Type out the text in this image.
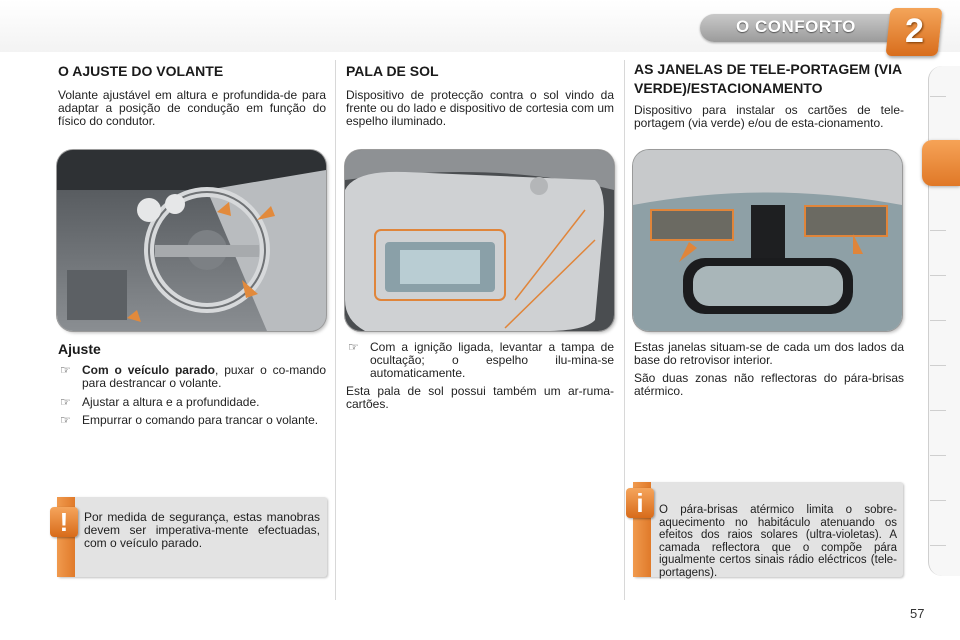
O CONFORTO 2
O AJUSTE DO VOLANTE
Volante ajustável em altura e profundida-de para adaptar a posição de condução em função do físico do condutor.
Ajuste
☞ Com o veículo parado, puxar o co-mando para destrancar o volante.
☞ Ajustar a altura e a profundidade.
☞ Empurrar o comando para trancar o volante.
!	Por medida de segurança, estas manobras devem ser imperativa-mente efectuadas, com o veículo parado.
PALA DE SOL
Dispositivo de protecção contra o sol vindo da frente ou do lado e dispositivo de cortesia com um espelho iluminado.
☞ Com a ignição ligada, levantar a tampa de ocultação; o espelho ilu-mina-se automaticamente.
Esta pala de sol possui também um ar-ruma-cartões.
AS JANELAS DE TELE-PORTAGEM (VIA VERDE)/ESTACIONAMENTO
Dispositivo para instalar os cartões de tele-portagem (via verde) e/ou de esta-cionamento.
Estas janelas situam-se de cada um dos lados da base do retrovisor interior.
São duas zonas não reflectoras do pára-brisas atérmico.
i	O pára-brisas atérmico limita o sobre-aquecimento no habitáculo atenuando os efeitos dos raios solares (ultra-violetas). A camada reflectora que o compõe pára igualmente certos sinais rádio eléctricos (tele-portagens).
57
